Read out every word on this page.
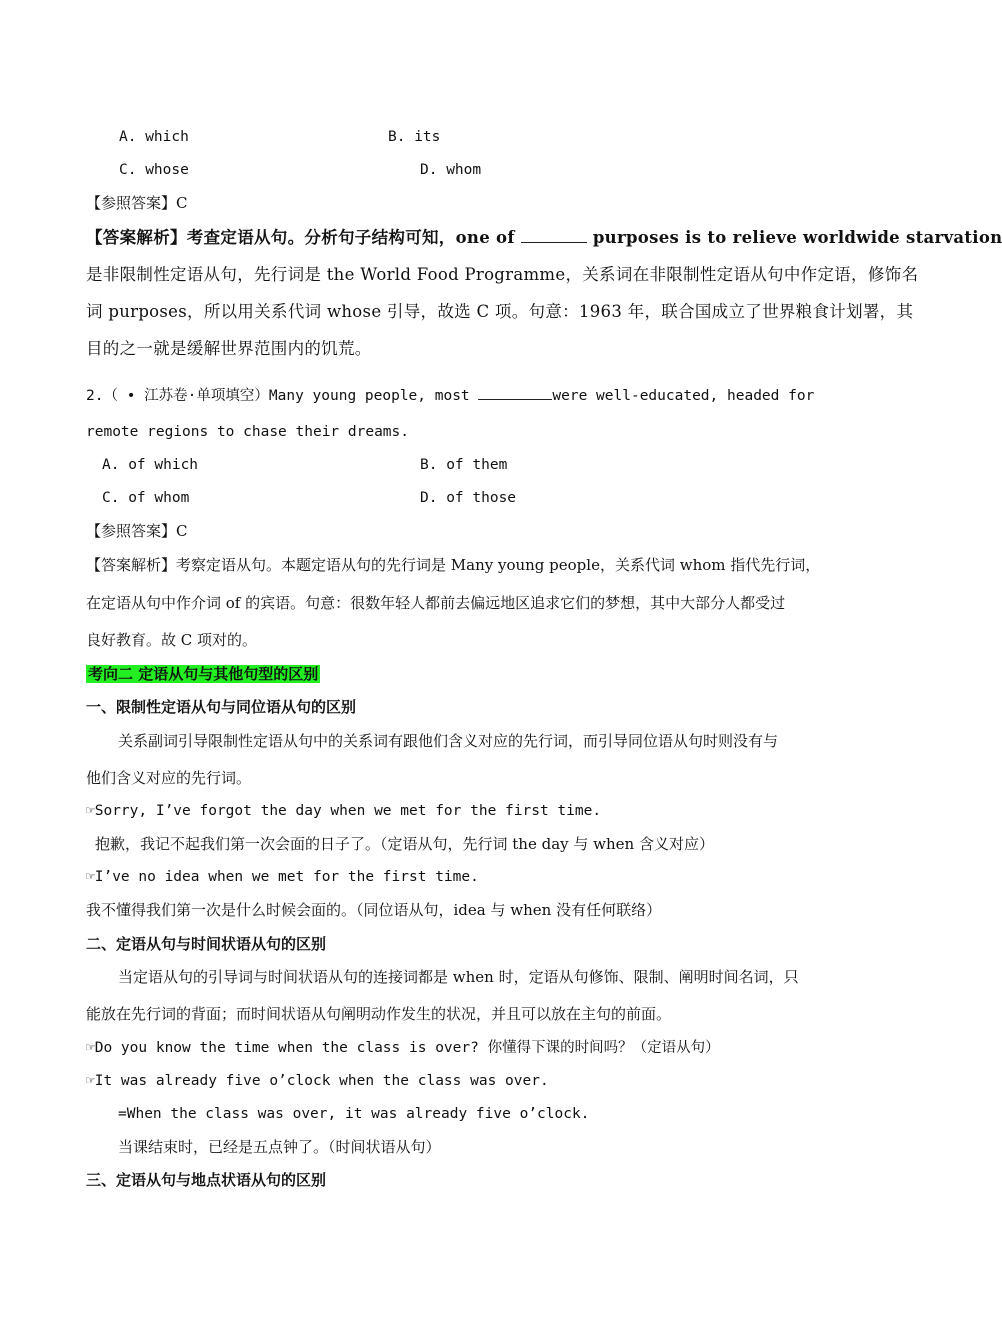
A. which	B. its
C. whose	D. whom
【参照答案】C
【答案解析】考查定语从句。分析句子结构可知，one of	purposes is to relieve worldwide starvation
是非限制性定语从句，先行词是 the World Food Programme，关系词在非限制性定语从句中作定语，修饰名
词 purposes，所以用关系代词 whose 引导，故选 C 项。句意：1963 年，联合国成立了世界粮食计划署，其
目的之一就是缓解世界范围内的饥荒。
2.（ • 江苏卷·单项填空）Many young people, most	were well-educated, headed for
remote regions to chase their dreams.
A. of which	B. of them
C. of whom	D. of those
【参照答案】C
【答案解析】考察定语从句。本题定语从句的先行词是 Many young people，关系代词 whom 指代先行词，
在定语从句中作介词 of 的宾语。句意：很数年轻人都前去偏远地区追求它们的梦想，其中大部分人都受过
良好教育。故 C 项对的。
考向二 定语从句与其他句型的区别
一、限制性定语从句与同位语从句的区别
关系副词引导限制性定语从句中的关系词有跟他们含义对应的先行词，而引导同位语从句时则没有与
他们含义对应的先行词。
☞Sorry, I’ve forgot the day when we met for the first time.
抱歉，我记不起我们第一次会面的日子了。（定语从句，先行词 the day 与 when 含义对应）
☞I’ve no idea when we met for the first time.
我不懂得我们第一次是什么时候会面的。（同位语从句，idea 与 when 没有任何联络）
二、定语从句与时间状语从句的区别
当定语从句的引导词与时间状语从句的连接词都是 when 时，定语从句修饰、限制、阐明时间名词，只
能放在先行词的背面；而时间状语从句阐明动作发生的状况，并且可以放在主句的前面。
☞Do you know the time when the class is over? 你懂得下课的时间吗？（定语从句）
☞It was already five o’clock when the class was over.
=When the class was over, it was already five o’clock.
当课结束时，已经是五点钟了。（时间状语从句）
三、定语从句与地点状语从句的区别
